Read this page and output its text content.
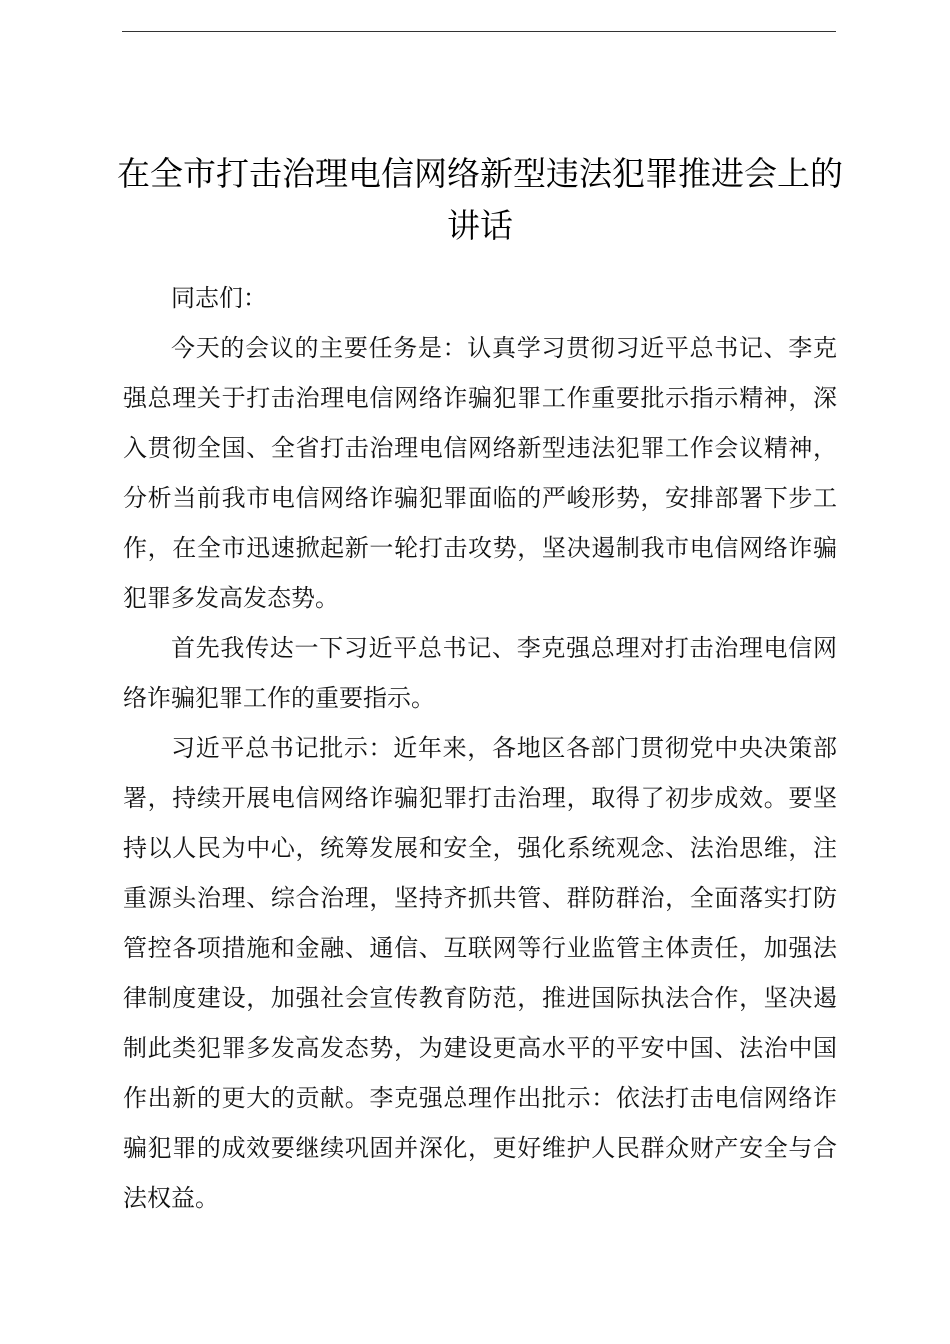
在全市打击治理电信网络新型违法犯罪推进会上的讲话

同志们：

今天的会议的主要任务是：认真学习贯彻习近平总书记、李克强总理关于打击治理电信网络诈骗犯罪工作重要批示指示精神，深入贯彻全国、全省打击治理电信网络新型违法犯罪工作会议精神，分析当前我市电信网络诈骗犯罪面临的严峻形势，安排部署下步工作，在全市迅速掀起新一轮打击攻势，坚决遏制我市电信网络诈骗犯罪多发高发态势。

首先我传达一下习近平总书记、李克强总理对打击治理电信网络诈骗犯罪工作的重要指示。

习近平总书记批示：近年来，各地区各部门贯彻党中央决策部署，持续开展电信网络诈骗犯罪打击治理，取得了初步成效。要坚持以人民为中心，统筹发展和安全，强化系统观念、法治思维，注重源头治理、综合治理，坚持齐抓共管、群防群治，全面落实打防管控各项措施和金融、通信、互联网等行业监管主体责任，加强法律制度建设，加强社会宣传教育防范，推进国际执法合作，坚决遏制此类犯罪多发高发态势，为建设更高水平的平安中国、法治中国作出新的更大的贡献。李克强总理作出批示：依法打击电信网络诈骗犯罪的成效要继续巩固并深化，更好维护人民群众财产安全与合法权益。
